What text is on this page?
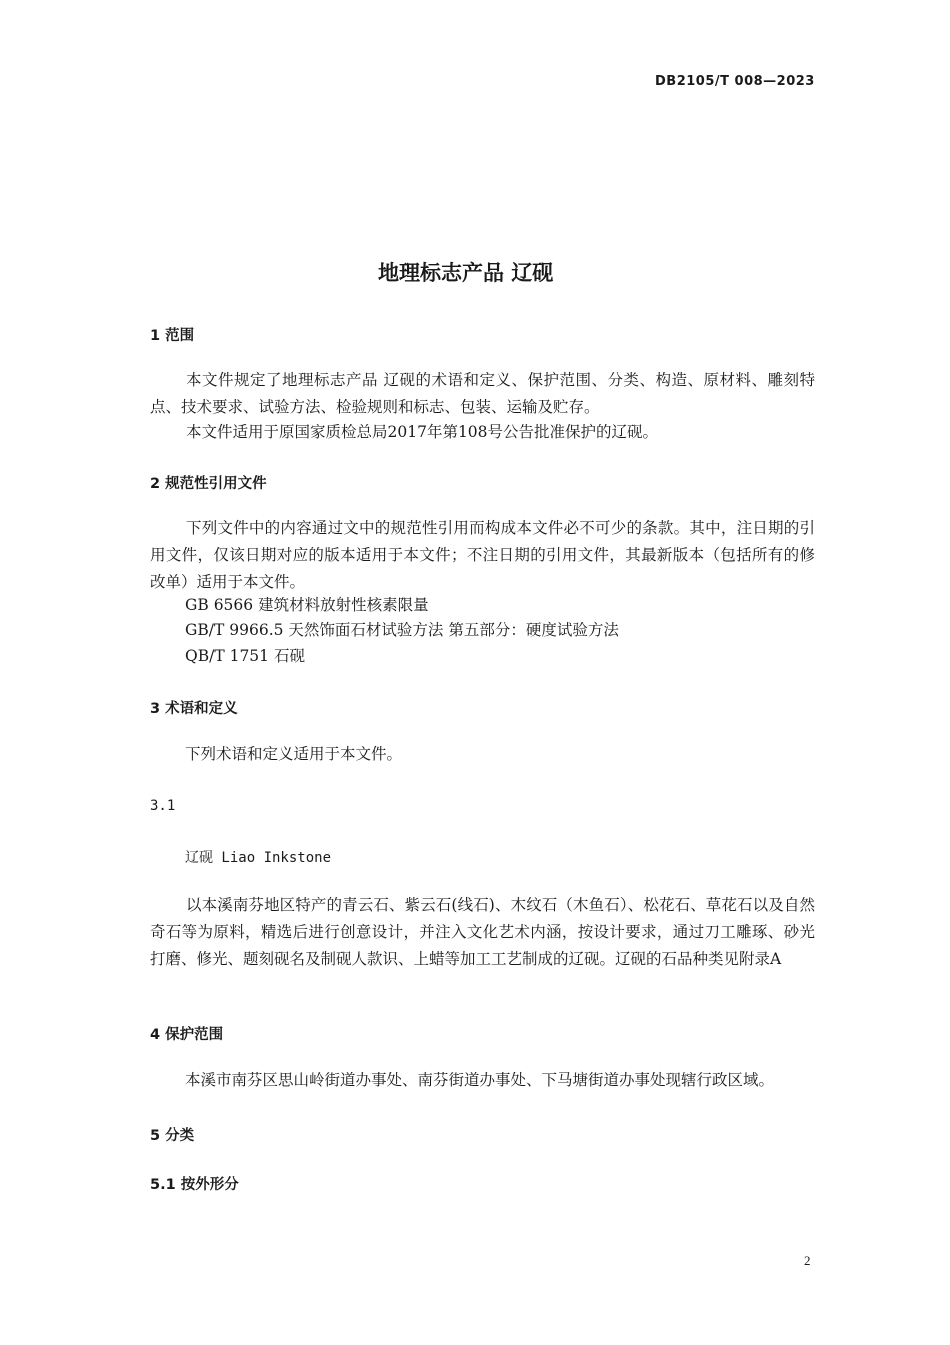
DB2105/T 008—2023
地理标志产品 辽砚
1 范围
本文件规定了地理标志产品 辽砚的术语和定义、保护范围、分类、构造、原材料、雕刻特点、技术要求、试验方法、检验规则和标志、包装、运输及贮存。
本文件适用于原国家质检总局2017年第108号公告批准保护的辽砚。
2 规范性引用文件
下列文件中的内容通过文中的规范性引用而构成本文件必不可少的条款。其中，注日期的引用文件，仅该日期对应的版本适用于本文件；不注日期的引用文件，其最新版本（包括所有的修改单）适用于本文件。
GB 6566 建筑材料放射性核素限量
GB/T 9966.5 天然饰面石材试验方法 第五部分：硬度试验方法
QB/T 1751 石砚
3 术语和定义
下列术语和定义适用于本文件。
3.1
辽砚 Liao Inkstone
以本溪南芬地区特产的青云石、紫云石(线石)、木纹石（木鱼石）、松花石、草花石以及自然奇石等为原料，精选后进行创意设计，并注入文化艺术内涵，按设计要求，通过刀工雕琢、砂光打磨、修光、题刻砚名及制砚人款识、上蜡等加工工艺制成的辽砚。辽砚的石品种类见附录A
4 保护范围
本溪市南芬区思山岭街道办事处、南芬街道办事处、下马塘街道办事处现辖行政区域。
5 分类
5.1 按外形分
2
